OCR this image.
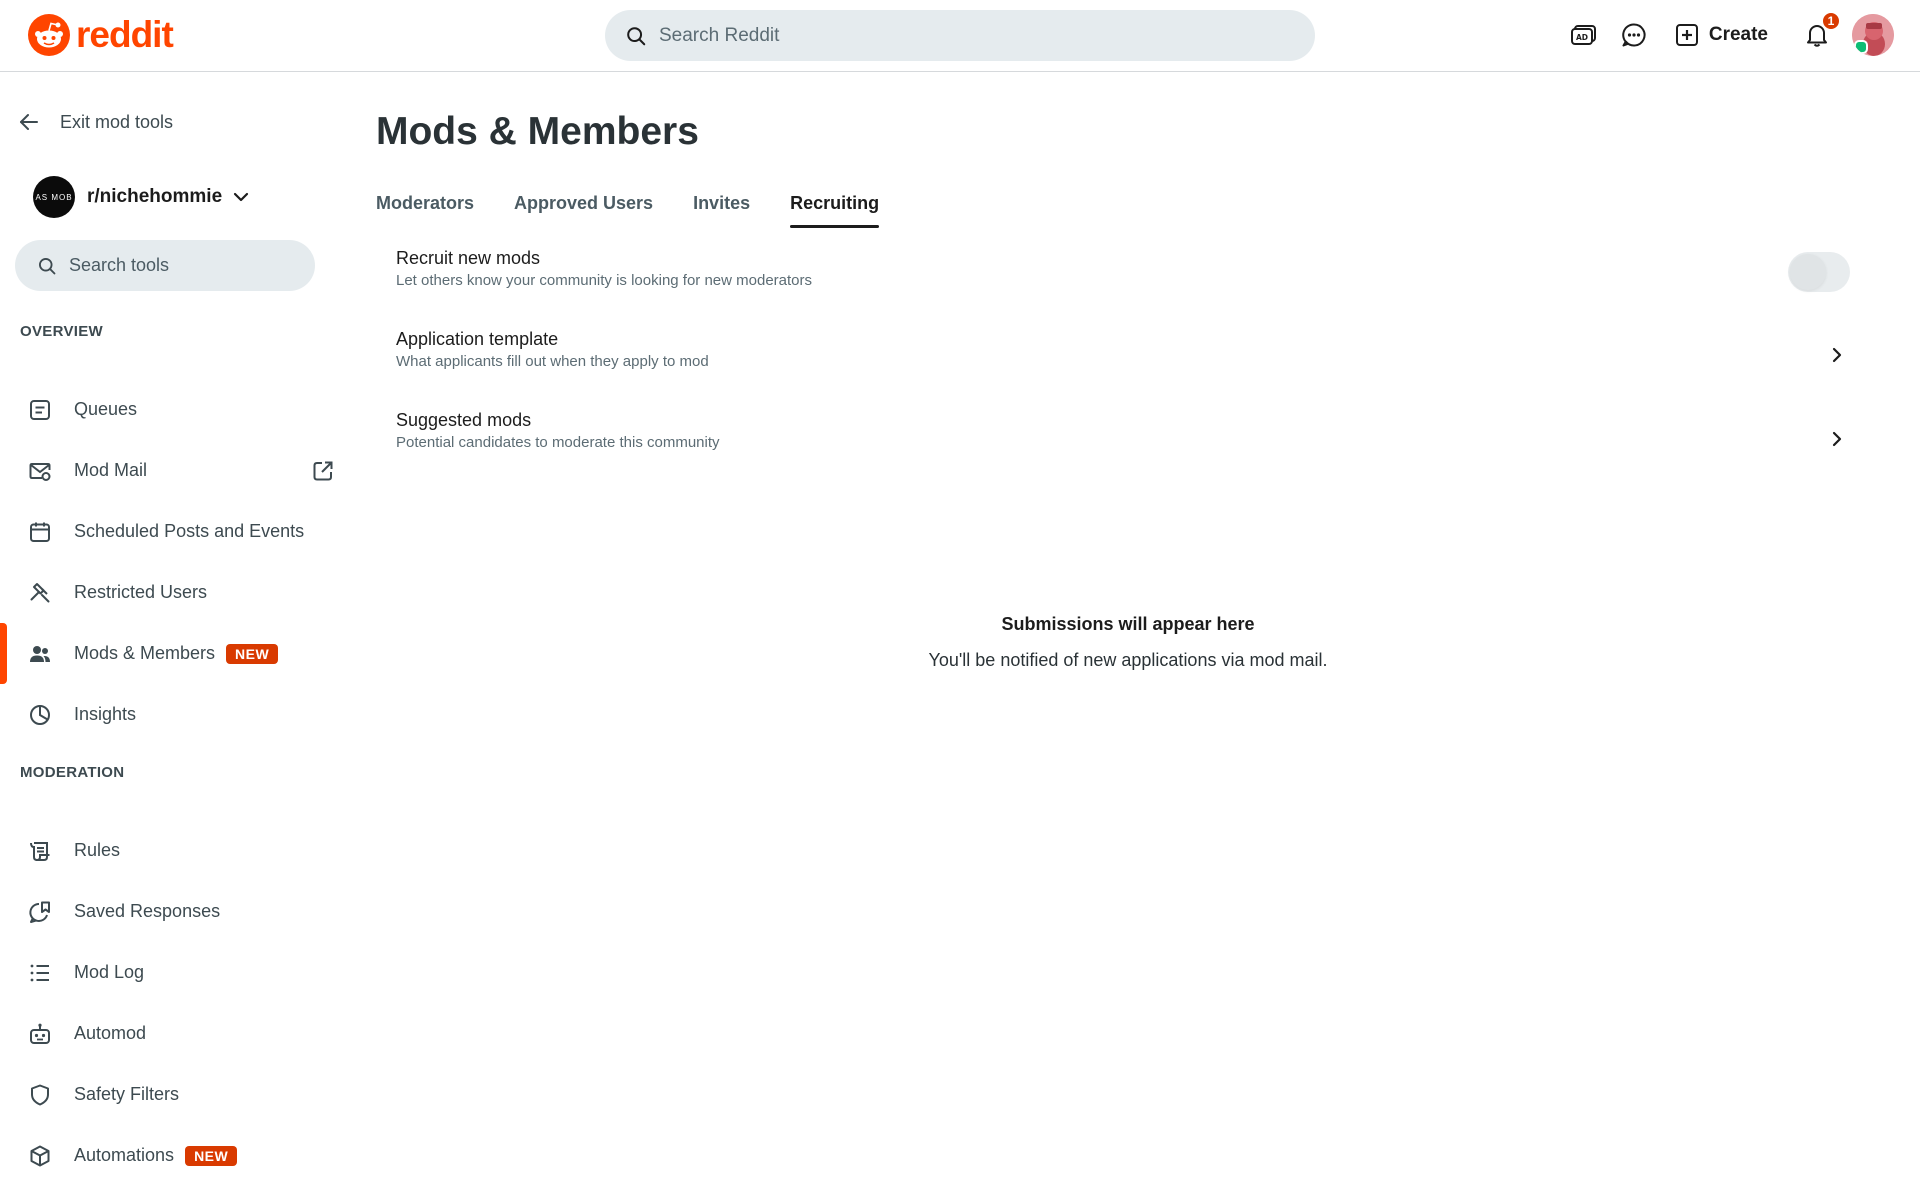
reddit
Search Reddit	AD	Create
1
Exit mod tools
AS MOB r/nichehommie
Search tools
OVERVIEW
Queues
Mod Mail
Scheduled Posts and Events
Restricted Users
Mods & Members	NEW
Insights
MODERATION
Rules
Saved Responses
Mod Log
Automod
Safety Filters
Automations	NEW
Mods & Members
Moderators Approved Users Invites Recruiting
Recruit new mods
Let others know your community is looking for new moderators
Application template
What applicants fill out when they apply to mod
Suggested mods
Potential candidates to moderate this community
Submissions will appear here
You'll be notified of new applications via mod mail.
